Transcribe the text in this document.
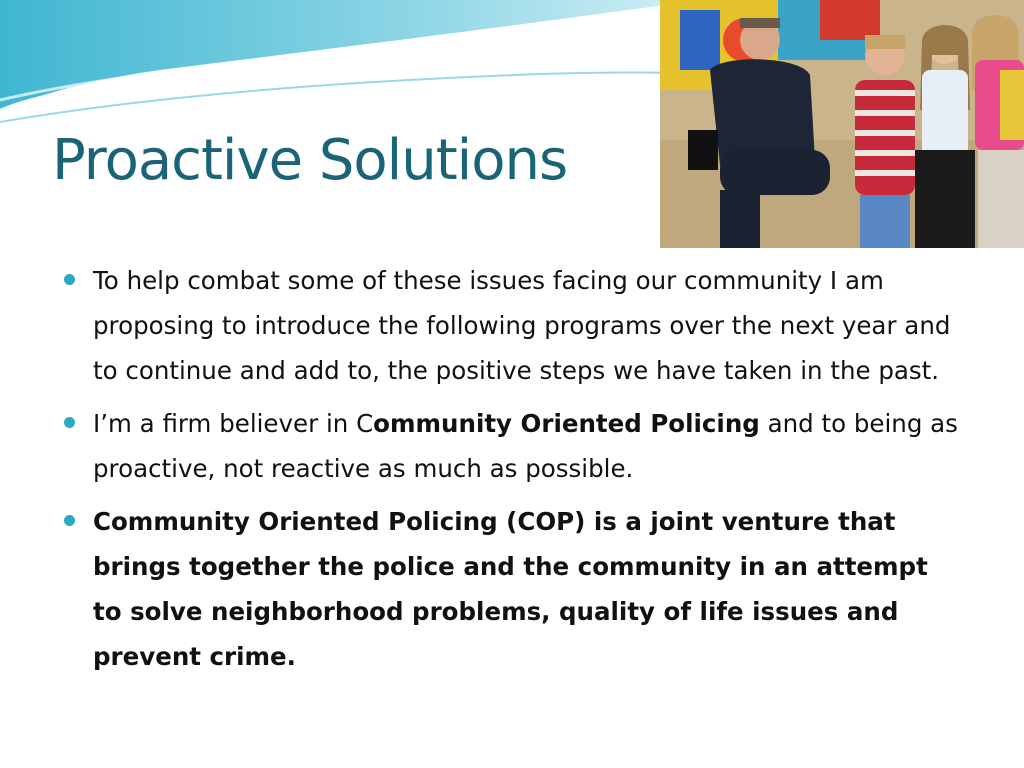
Proactive Solutions
To help combat some of these issues facing our community I am proposing to introduce the following programs over the next year and to continue and add to, the positive steps we have taken in the past.
I’m a firm believer in Community Oriented Policing and to being as proactive, not reactive as much as possible.
Community Oriented Policing (COP) is a joint venture that brings together the police and the community in an attempt to solve neighborhood problems, quality of life issues and prevent crime.
